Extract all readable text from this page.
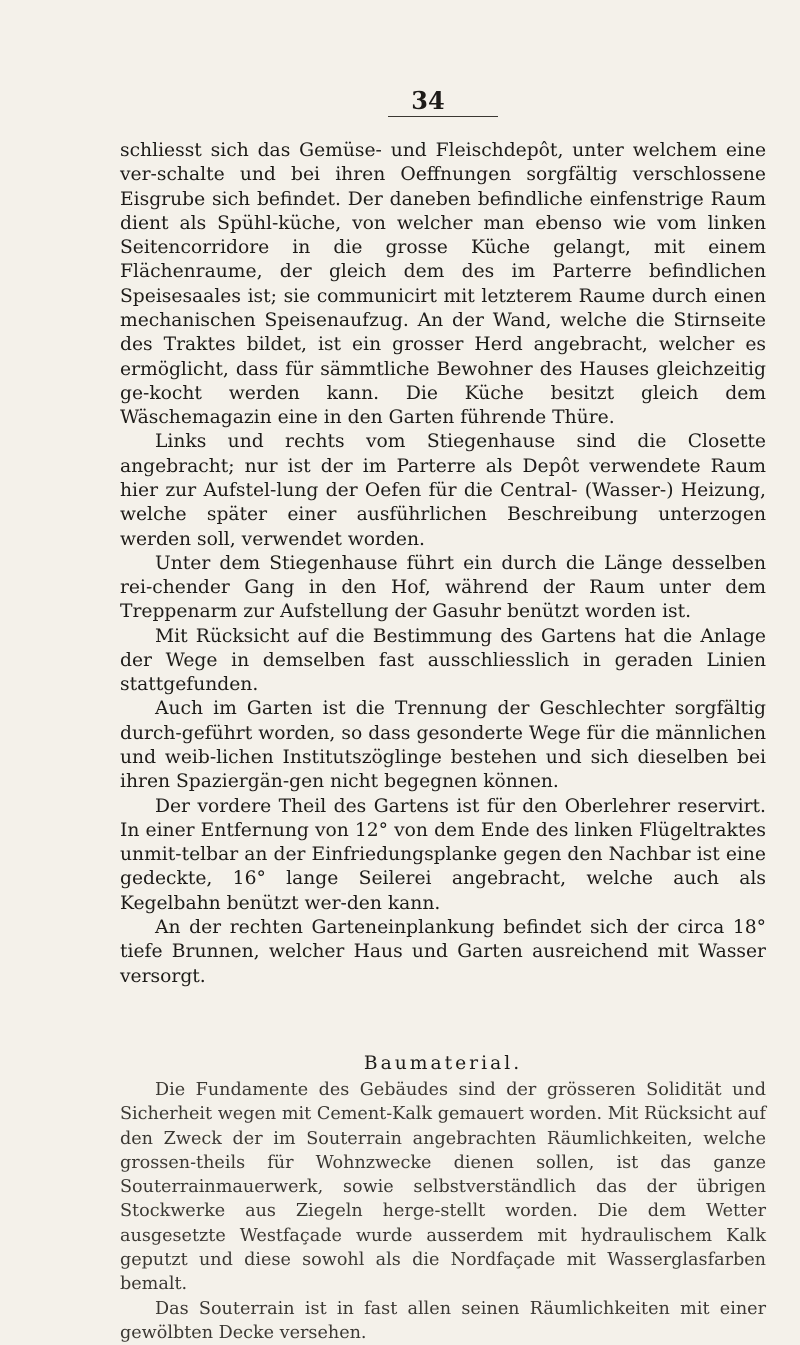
34

schliesst sich das Gemüse- und Fleischdepôt, unter welchem eine ver-schalte und bei ihren Oeffnungen sorgfältig verschlossene Eisgrube sich befindet. Der daneben befindliche einfenstrige Raum dient als Spühl-küche, von welcher man ebenso wie vom linken Seitencorridore in die grosse Küche gelangt, mit einem Flächenraume, der gleich dem des im Parterre befindlichen Speisesaales ist; sie communicirt mit letzterem Raume durch einen mechanischen Speisenaufzug. An der Wand, welche die Stirnseite des Traktes bildet, ist ein grosser Herd angebracht, welcher es ermöglicht, dass für sämmtliche Bewohner des Hauses gleichzeitig ge-kocht werden kann. Die Küche besitzt gleich dem Wäschemagazin eine in den Garten führende Thüre.

Links und rechts vom Stiegenhause sind die Closette angebracht; nur ist der im Parterre als Depôt verwendete Raum hier zur Aufstel-lung der Oefen für die Central- (Wasser-) Heizung, welche später einer ausführlichen Beschreibung unterzogen werden soll, verwendet worden.

Unter dem Stiegenhause führt ein durch die Länge desselben rei-chender Gang in den Hof, während der Raum unter dem Treppenarm zur Aufstellung der Gasuhr benützt worden ist.

Mit Rücksicht auf die Bestimmung des Gartens hat die Anlage der Wege in demselben fast ausschliesslich in geraden Linien stattgefunden.

Auch im Garten ist die Trennung der Geschlechter sorgfältig durch-geführt worden, so dass gesonderte Wege für die männlichen und weib-lichen Institutszöglinge bestehen und sich dieselben bei ihren Spaziergän-gen nicht begegnen können.

Der vordere Theil des Gartens ist für den Oberlehrer reservirt. In einer Entfernung von 12° von dem Ende des linken Flügeltraktes unmit-telbar an der Einfriedungsplanke gegen den Nachbar ist eine gedeckte, 16° lange Seilerei angebracht, welche auch als Kegelbahn benützt wer-den kann.

An der rechten Garteneinplankung befindet sich der circa 18° tiefe Brunnen, welcher Haus und Garten ausreichend mit Wasser versorgt.

Baumaterial.

Die Fundamente des Gebäudes sind der grösseren Solidität und Sicherheit wegen mit Cement-Kalk gemauert worden. Mit Rücksicht auf den Zweck der im Souterrain angebrachten Räumlichkeiten, welche grossen-theils für Wohnzwecke dienen sollen, ist das ganze Souterrainmauerwerk, sowie selbstverständlich das der übrigen Stockwerke aus Ziegeln herge-stellt worden. Die dem Wetter ausgesetzte Westfaçade wurde ausserdem mit hydraulischem Kalk geputzt und diese sowohl als die Nordfaçade mit Wasserglasfarben bemalt.

Das Souterrain ist in fast allen seinen Räumlichkeiten mit einer gewölbten Decke versehen.
